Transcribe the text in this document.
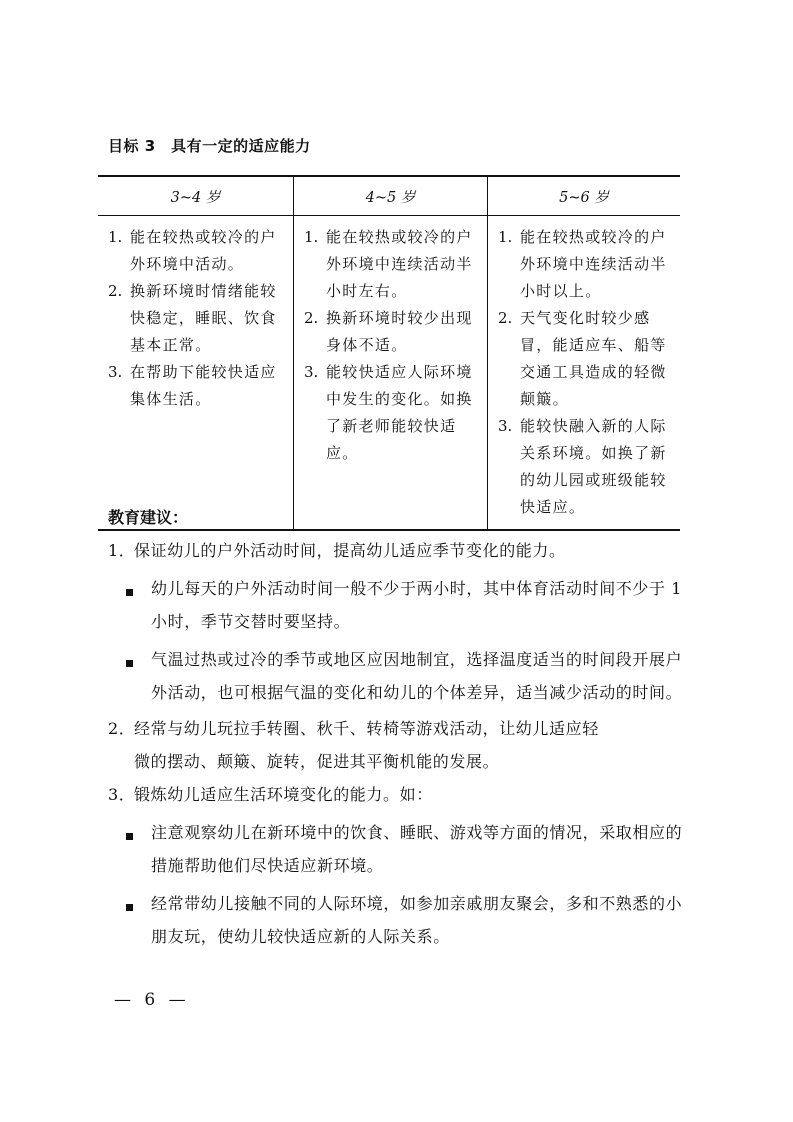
目标 3　具有一定的适应能力
3~4 岁	4~5 岁	5~6 岁
1. 能在较热或较冷的户外环境中活动。
2. 换新环境时情绪能较快稳定，睡眠、饮食基本正常。
3. 在帮助下能较快适应集体生活。
1. 能在较热或较冷的户外环境中连续活动半小时左右。
2. 换新环境时较少出现身体不适。
3. 能较快适应人际环境中发生的变化。如换了新老师能较快适应。
1. 能在较热或较冷的户外环境中连续活动半小时以上。
2. 天气变化时较少感冒，能适应车、船等交通工具造成的轻微颠簸。
3. 能较快融入新的人际关系环境。如换了新的幼儿园或班级能较快适应。
教育建议：
1．保证幼儿的户外活动时间，提高幼儿适应季节变化的能力。
幼儿每天的户外活动时间一般不少于两小时，其中体育活动时间不少于 1 小时，季节交替时要坚持。
气温过热或过冷的季节或地区应因地制宜，选择温度适当的时间段开展户外活动，也可根据气温的变化和幼儿的个体差异，适当减少活动的时间。
2．经常与幼儿玩拉手转圈、秋千、转椅等游戏活动，让幼儿适应轻
微的摆动、颠簸、旋转，促进其平衡机能的发展。
3．锻炼幼儿适应生活环境变化的能力。如：
注意观察幼儿在新环境中的饮食、睡眠、游戏等方面的情况，采取相应的措施帮助他们尽快适应新环境。
经常带幼儿接触不同的人际环境，如参加亲戚朋友聚会，多和不熟悉的小朋友玩，使幼儿较快适应新的人际关系。
— 6 —
